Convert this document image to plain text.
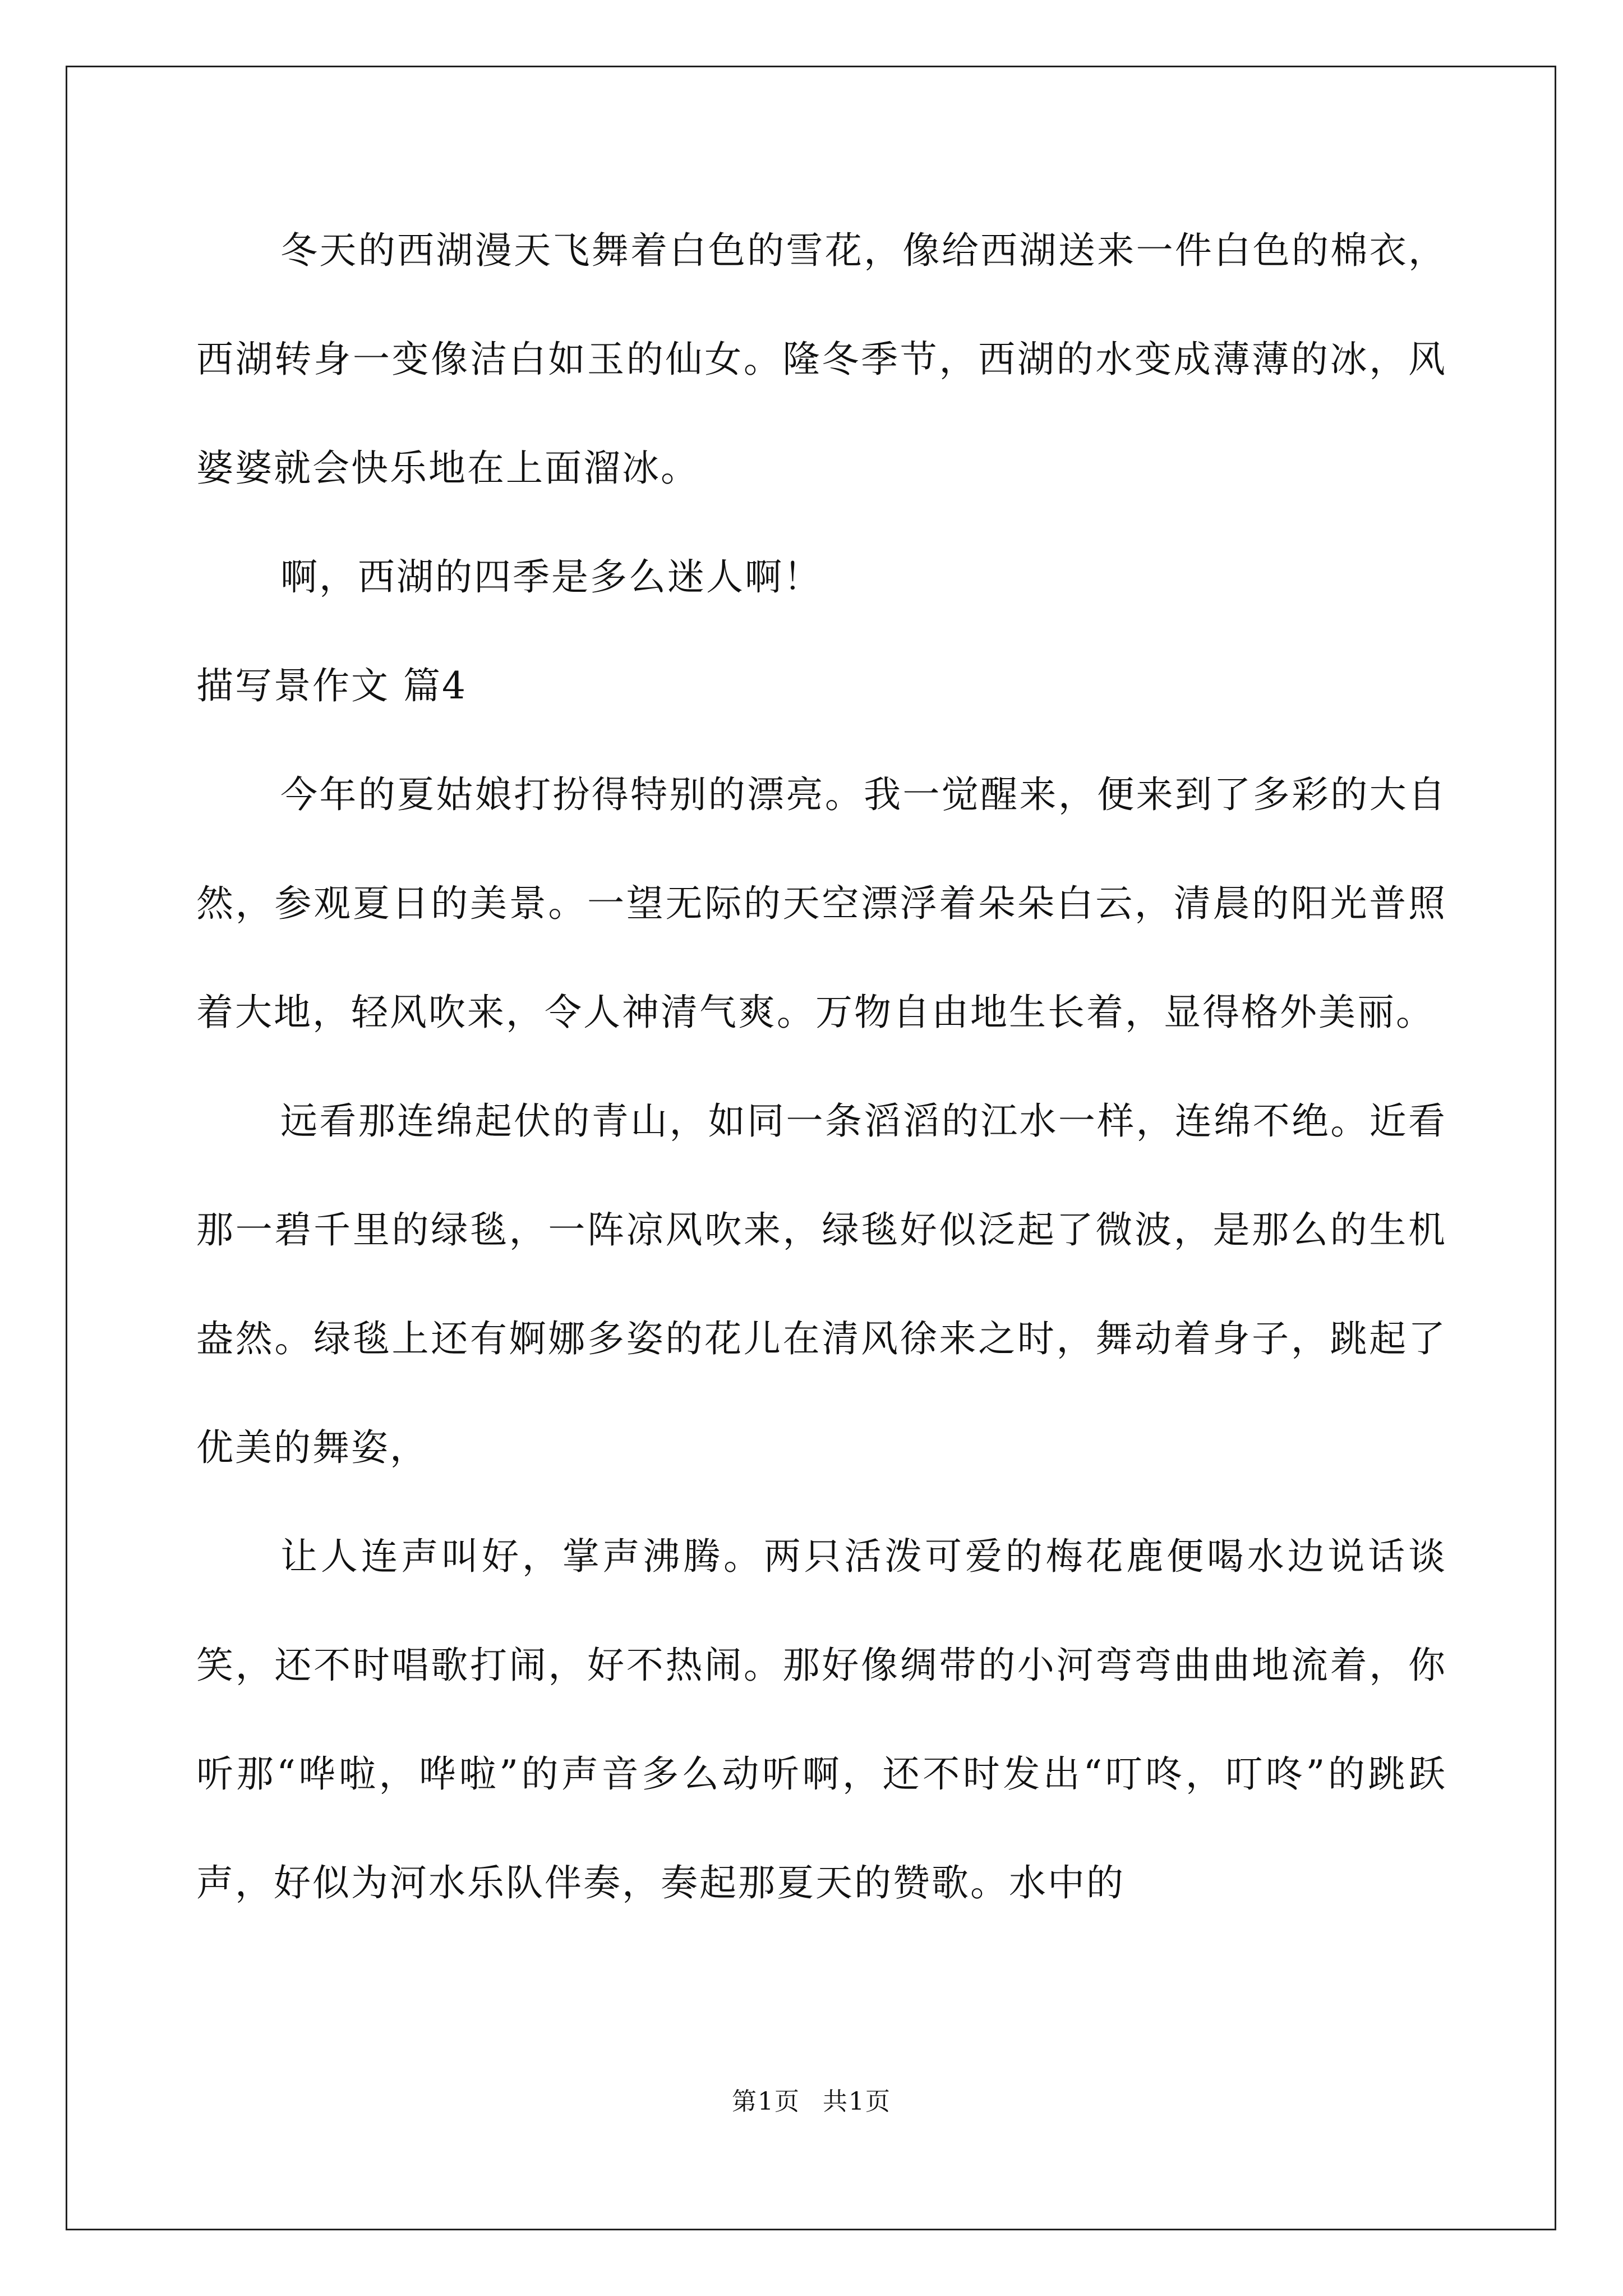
冬天的西湖漫天飞舞着白色的雪花，像给西湖送来一件白色的棉衣，西湖转身一变像洁白如玉的仙女。隆冬季节，西湖的水变成薄薄的冰，风婆婆就会快乐地在上面溜冰。

啊，西湖的四季是多么迷人啊！

描写景作文 篇4

今年的夏姑娘打扮得特别的漂亮。我一觉醒来，便来到了多彩的大自然，参观夏日的美景。一望无际的天空漂浮着朵朵白云，清晨的阳光普照着大地，轻风吹来，令人神清气爽。万物自由地生长着，显得格外美丽。

远看那连绵起伏的青山，如同一条滔滔的江水一样，连绵不绝。近看那一碧千里的绿毯，一阵凉风吹来，绿毯好似泛起了微波，是那么的生机盎然。绿毯上还有婀娜多姿的花儿在清风徐来之时，舞动着身子，跳起了优美的舞姿，

让人连声叫好，掌声沸腾。两只活泼可爱的梅花鹿便喝水边说话谈笑，还不时唱歌打闹，好不热闹。那好像绸带的小河弯弯曲曲地流着，你听那“哗啦，哗啦”的声音多么动听啊，还不时发出“叮咚，叮咚”的跳跃声，好似为河水乐队伴奏，奏起那夏天的赞歌。水中的

第1页 共1页
